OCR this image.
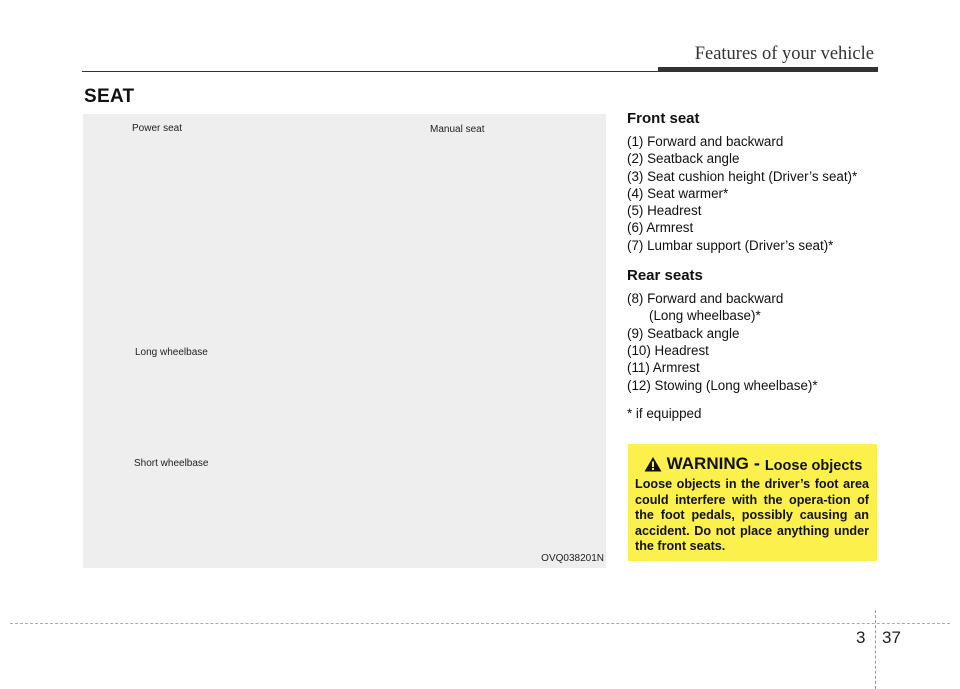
Features of your vehicle
SEAT
Power seat	Manual seat
Long wheelbase
Short wheelbase
OVQ038201N
Front seat
(1) Forward and backward
(2) Seatback angle
(3) Seat cushion height (Driver’s seat)*
(4) Seat warmer*
(5) Headrest
(6) Armrest
(7) Lumbar support (Driver’s seat)*
Rear seats
(8) Forward and backward
(Long wheelbase)*
(9) Seatback angle
(10) Headrest
(11) Armrest
(12) Stowing (Long wheelbase)*
* if equipped
WARNING - Loose objects

Loose objects in the driver’s foot area could interfere with the opera-tion of the foot pedals, possibly causing an accident. Do not place anything under the front seats.

3 37
